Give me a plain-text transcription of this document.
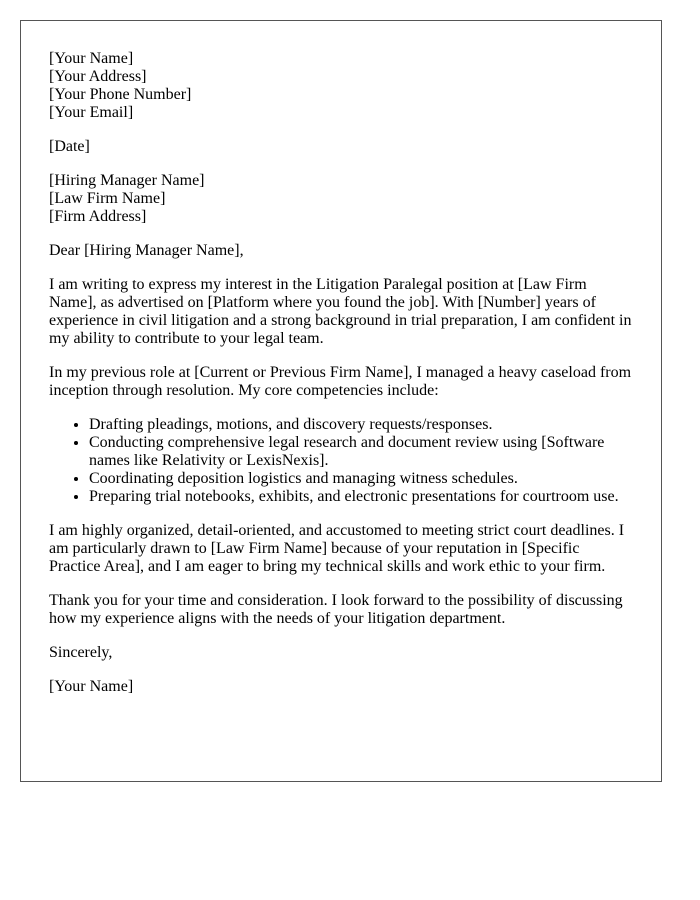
[Your Name]
[Your Address]
[Your Phone Number]
[Your Email]

[Date]

[Hiring Manager Name]
[Law Firm Name]
[Firm Address]

Dear [Hiring Manager Name],

I am writing to express my interest in the Litigation Paralegal position at [Law Firm Name], as advertised on [Platform where you found the job]. With [Number] years of experience in civil litigation and a strong background in trial preparation, I am confident in my ability to contribute to your legal team.

In my previous role at [Current or Previous Firm Name], I managed a heavy caseload from inception through resolution. My core competencies include:

• Drafting pleadings, motions, and discovery requests/responses.
• Conducting comprehensive legal research and document review using [Software names like Relativity or LexisNexis].
• Coordinating deposition logistics and managing witness schedules.
• Preparing trial notebooks, exhibits, and electronic presentations for courtroom use.

I am highly organized, detail-oriented, and accustomed to meeting strict court deadlines. I am particularly drawn to [Law Firm Name] because of your reputation in [Specific Practice Area], and I am eager to bring my technical skills and work ethic to your firm.

Thank you for your time and consideration. I look forward to the possibility of discussing how my experience aligns with the needs of your litigation department.

Sincerely,

[Your Name]
